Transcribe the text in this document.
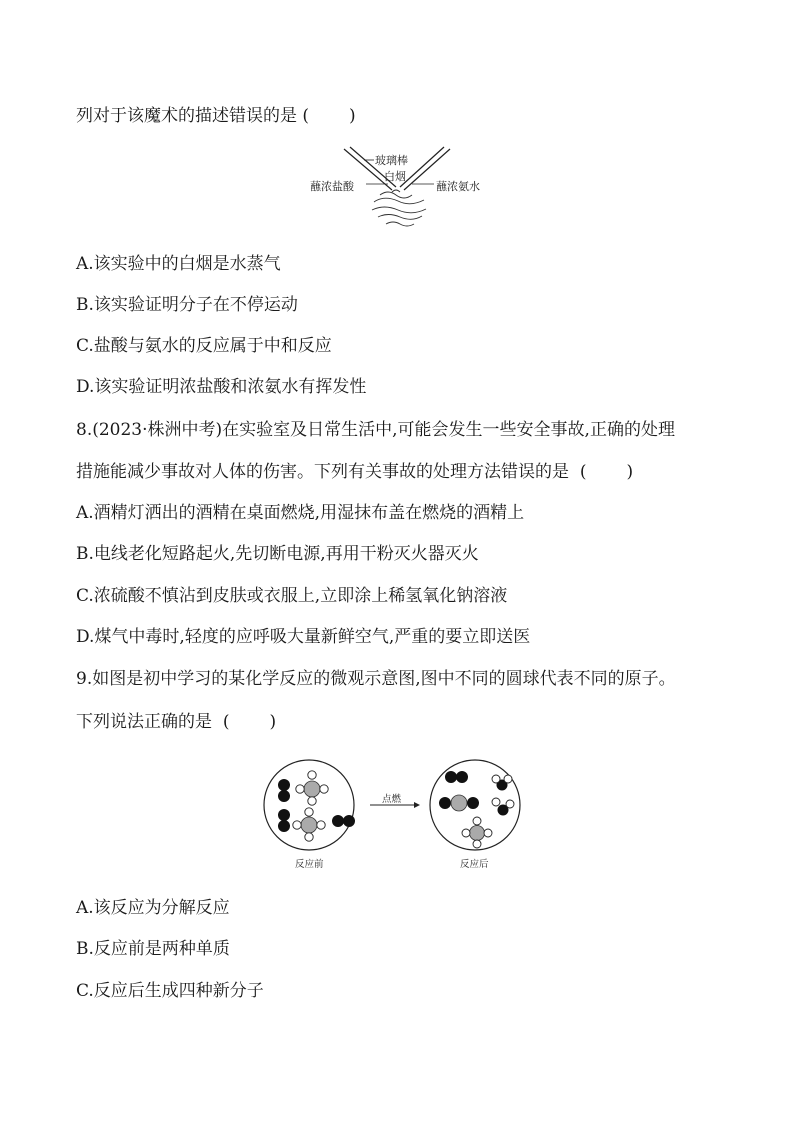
列对于该魔术的描述错误的是 ( )
玻璃棒
白烟
蘸浓盐酸	蘸浓氨水
A.该实验中的白烟是水蒸气
B.该实验证明分子在不停运动
C.盐酸与氨水的反应属于中和反应
D.该实验证明浓盐酸和浓氨水有挥发性
8.(2023·株洲中考)在实验室及日常生活中,可能会发生一些安全事故,正确的处理
措施能减少事故对人体的伤害。下列有关事故的处理方法错误的是 ( )
A.酒精灯洒出的酒精在桌面燃烧,用湿抹布盖在燃烧的酒精上
B.电线老化短路起火,先切断电源,再用干粉灭火器灭火
C.浓硫酸不慎沾到皮肤或衣服上,立即涂上稀氢氧化钠溶液
D.煤气中毒时,轻度的应呼吸大量新鲜空气,严重的要立即送医
9.如图是初中学习的某化学反应的微观示意图,图中不同的圆球代表不同的原子。
下列说法正确的是 ( )
点燃
反应前	反应后
A.该反应为分解反应
B.反应前是两种单质
C.反应后生成四种新分子
